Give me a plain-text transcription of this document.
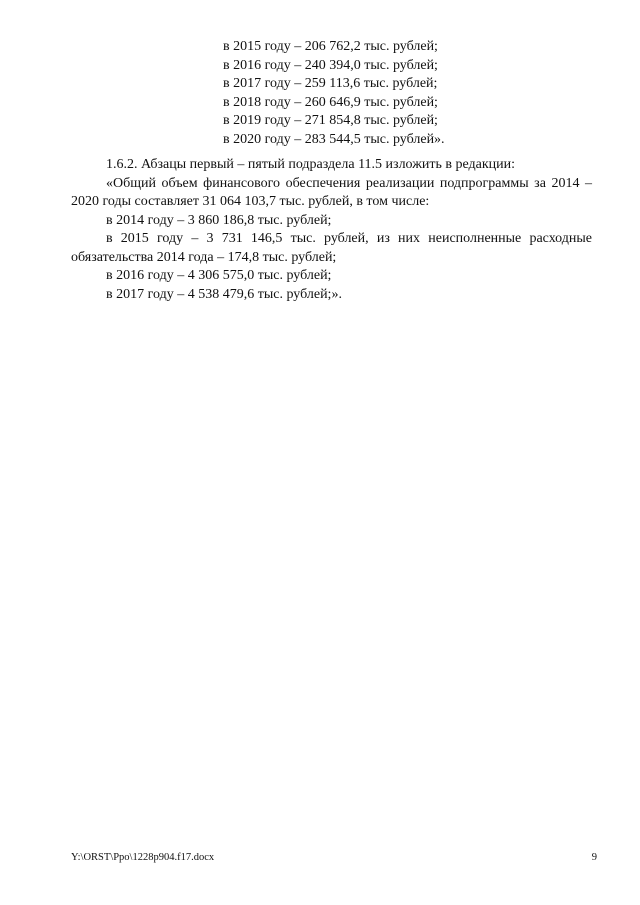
в 2015 году – 206 762,2 тыс. рублей;
в 2016 году – 240 394,0 тыс. рублей;
в 2017 году – 259 113,6 тыс. рублей;
в 2018 году – 260 646,9 тыс. рублей;
в 2019 году – 271 854,8 тыс. рублей;
в 2020 году – 283 544,5 тыс. рублей».

1.6.2. Абзацы первый – пятый подраздела 11.5 изложить в редакции:

«Общий объем финансового обеспечения реализации подпрограммы за 2014 – 2020 годы составляет 31 064 103,7 тыс. рублей, в том числе:

в 2014 году – 3 860 186,8 тыс. рублей;

в 2015 году – 3 731 146,5 тыс. рублей, из них неисполненные расходные обязательства 2014 года – 174,8 тыс. рублей;

в 2016 году – 4 306 575,0 тыс. рублей;

в 2017 году – 4 538 479,6 тыс. рублей;».

Y:\ORST\Ppo\1228p904.f17.docx	9
